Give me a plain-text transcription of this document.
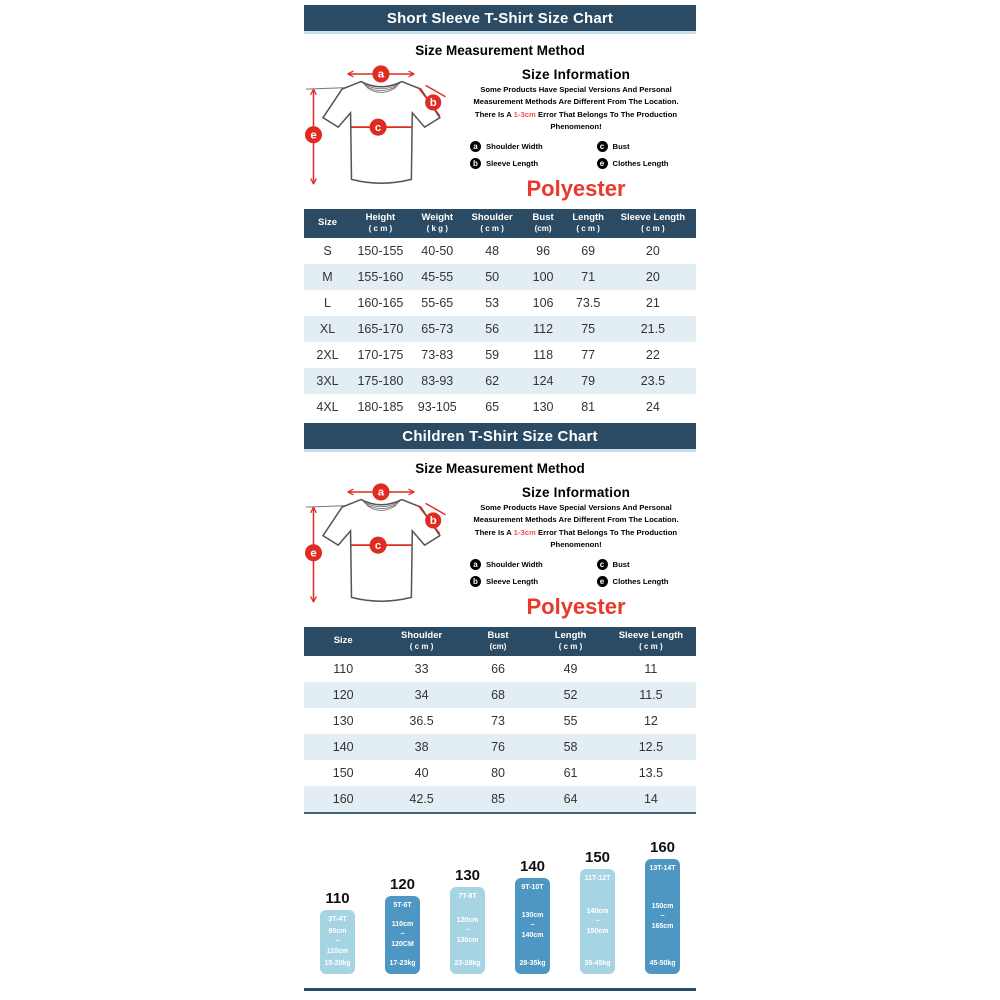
Short Sleeve T-Shirt Size Chart
Size Measurement Method
a
e
c
b
Size Information

Some Products Have Special Versions And Personal Measurement Methods Are Different From The Location. There Is A 1-3cm Error That Belongs To The Production Phenomenon!

a	Shoulder Width	c	Bust
b	Sleeve Length	e	Clothes Length
Polyester
Size	Height
( c m )

Weight
( k g )

Shoulder
( c m )

Bust
(cm)

Length
( c m )

Sleeve Length
( c m )

S	150-155	40-50	48	96	69	20
M	155-160	45-55	50	100	71	20
L	160-165	55-65	53	106	73.5	21
XL	165-170	65-73	56	112	75	21.5
2XL	170-175	73-83	59	118	77	22
3XL	175-180	83-93	62	124	79	23.5
4XL	180-185	93-105	65	130	81	24
Children T-Shirt Size Chart
Size Measurement Method
a
e
c
b
Size Information

Some Products Have Special Versions And Personal Measurement Methods Are Different From The Location. There Is A 1-3cm Error That Belongs To The Production Phenomenon!

a	Shoulder Width	c	Bust
b	Sleeve Length	e	Clothes Length
Polyester
Size	Shoulder
( c m )

Bust
(cm)

Length
( c m )

Sleeve Length
( c m )

110	33	66	49	11
120	34	68	52	11.5
130	36.5	73	55	12
140	38	76	58	12.5
150	40	80	61	13.5
160	42.5	85	64	14
110
3T-4T
95cm
~
110cm
15-20kg
120
5T-6T
110cm
~
120CM
17-23kg
130
7T-8T
120cm
~
130cm
23-28kg
140
9T-10T
130cm
~
140cm
28-35kg
150
11T-12T
140cm
~
150cm
35-45kg
160
13T-14T
150cm
~
165cm
45-50kg
